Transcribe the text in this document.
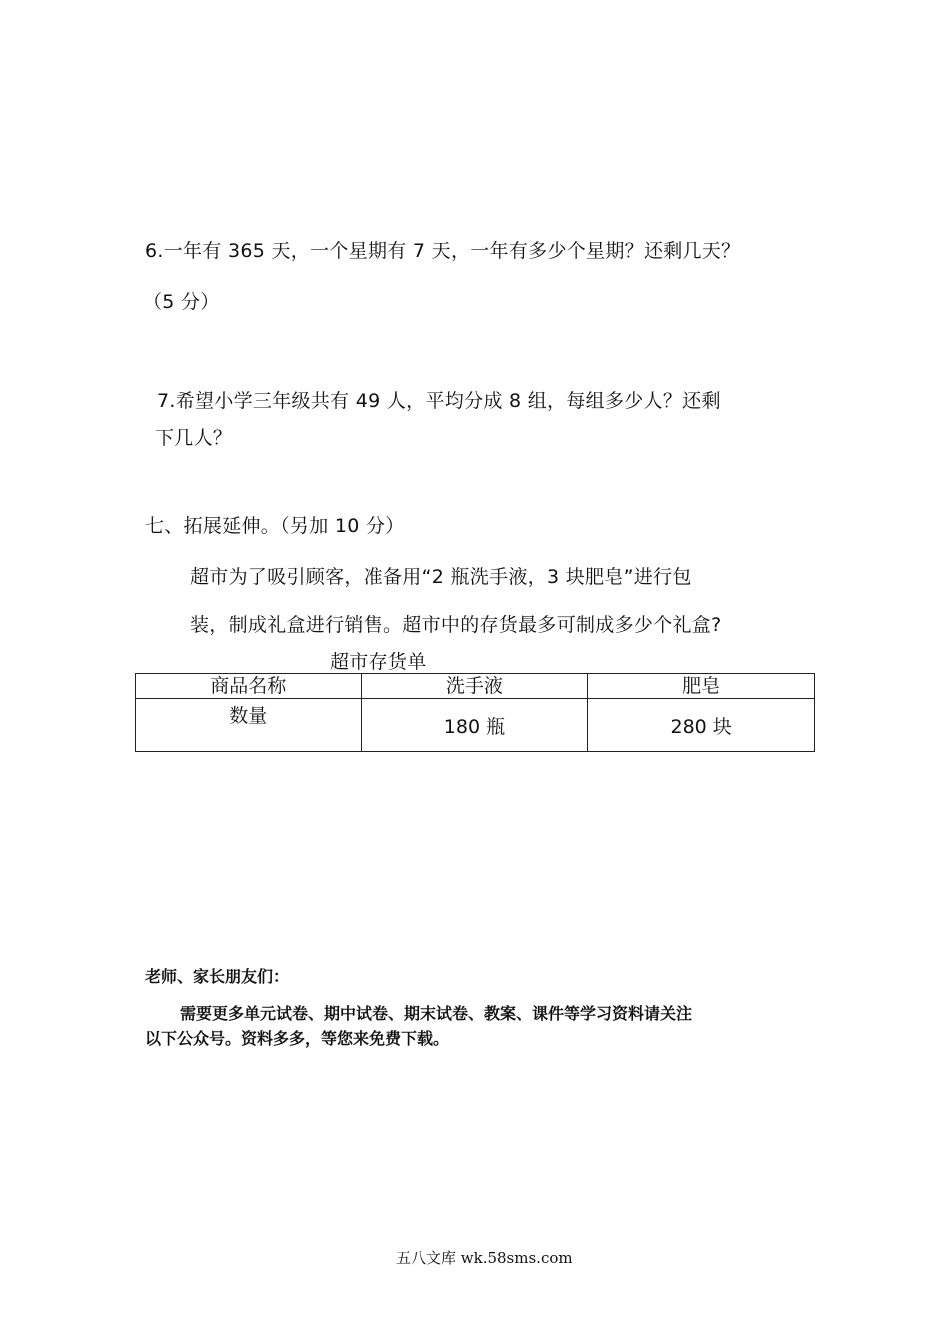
6.一年有 365 天，一个星期有 7 天，一年有多少个星期？还剩几天？
（5 分）
7.希望小学三年级共有 49 人，平均分成 8 组，每组多少人？还剩
下几人？
七、拓展延伸。（另加 10 分）
超市为了吸引顾客，准备用“2 瓶洗手液，3 块肥皂”进行包
装，制成礼盒进行销售。超市中的存货最多可制成多少个礼盒?
超市存货单
商品名称	洗手液	肥皂
数量	180 瓶	280 块
老师、家长朋友们：
需要更多单元试卷、期中试卷、期末试卷、教案、课件等学习资料请关注
以下公众号。资料多多，等您来免费下载。
五八文库 wk.58sms.com
